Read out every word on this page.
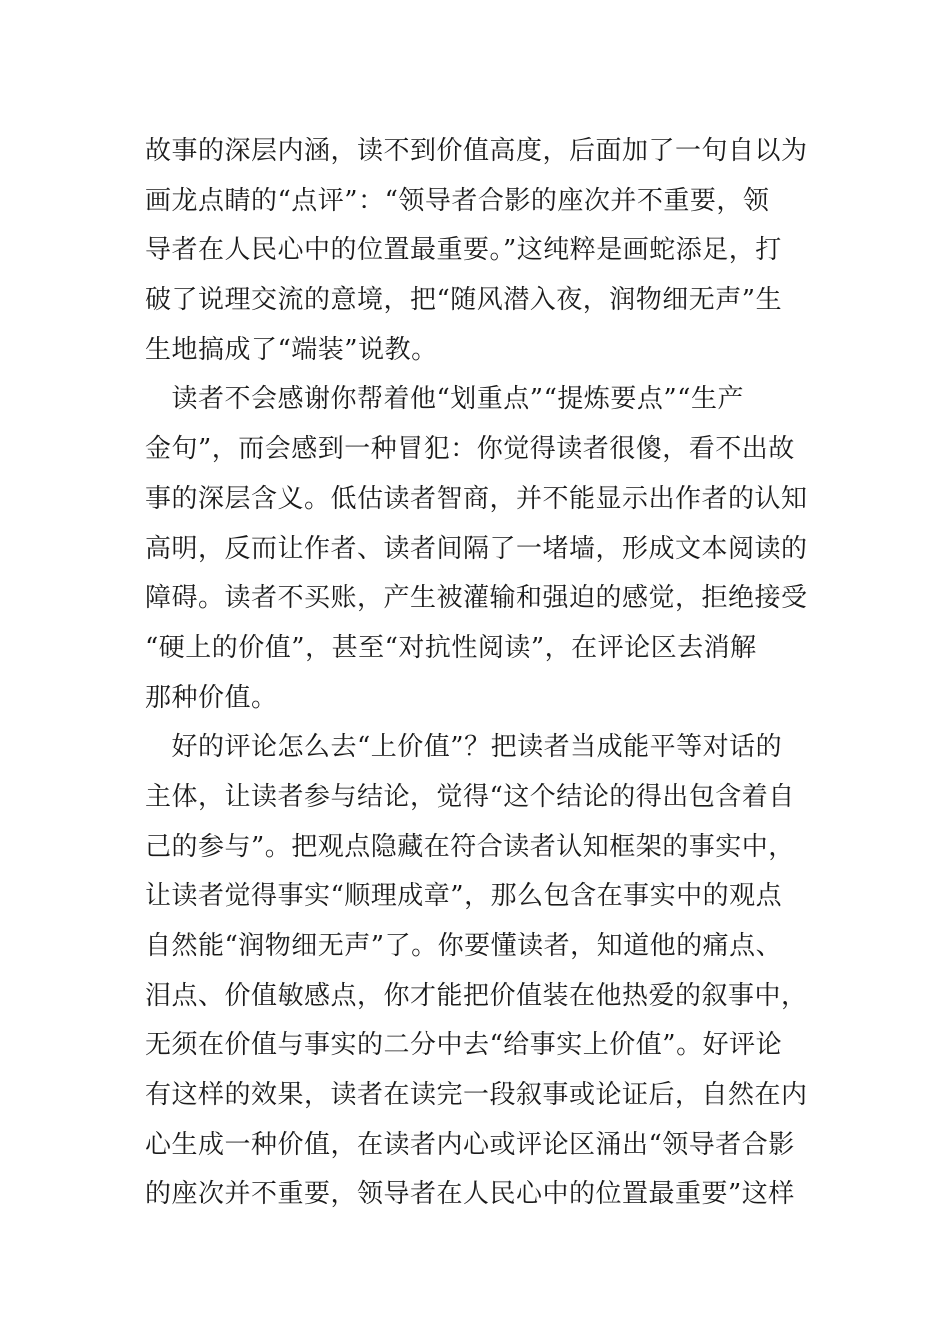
故事的深层内涵，读不到价值高度，后面加了一句自以为
画龙点睛的“点评”：“领导者合影的座次并不重要，领
导者在人民心中的位置最重要。”这纯粹是画蛇添足，打
破了说理交流的意境，把“随风潜入夜，润物细无声”生
生地搞成了“端装”说教。
　读者不会感谢你帮着他“划重点”“提炼要点”“生产
金句”，而会感到一种冒犯：你觉得读者很傻，看不出故
事的深层含义。低估读者智商，并不能显示出作者的认知
高明，反而让作者、读者间隔了一堵墙，形成文本阅读的
障碍。读者不买账，产生被灌输和强迫的感觉，拒绝接受
“硬上的价值”，甚至“对抗性阅读”，在评论区去消解
那种价值。
　好的评论怎么去“上价值”？把读者当成能平等对话的
主体，让读者参与结论，觉得“这个结论的得出包含着自
己的参与”。把观点隐藏在符合读者认知框架的事实中，
让读者觉得事实“顺理成章”，那么包含在事实中的观点
自然能“润物细无声”了。你要懂读者，知道他的痛点、
泪点、价值敏感点，你才能把价值装在他热爱的叙事中，
无须在价值与事实的二分中去“给事实上价值”。好评论
有这样的效果，读者在读完一段叙事或论证后，自然在内
心生成一种价值，在读者内心或评论区涌出“领导者合影
的座次并不重要，领导者在人民心中的位置最重要”这样
